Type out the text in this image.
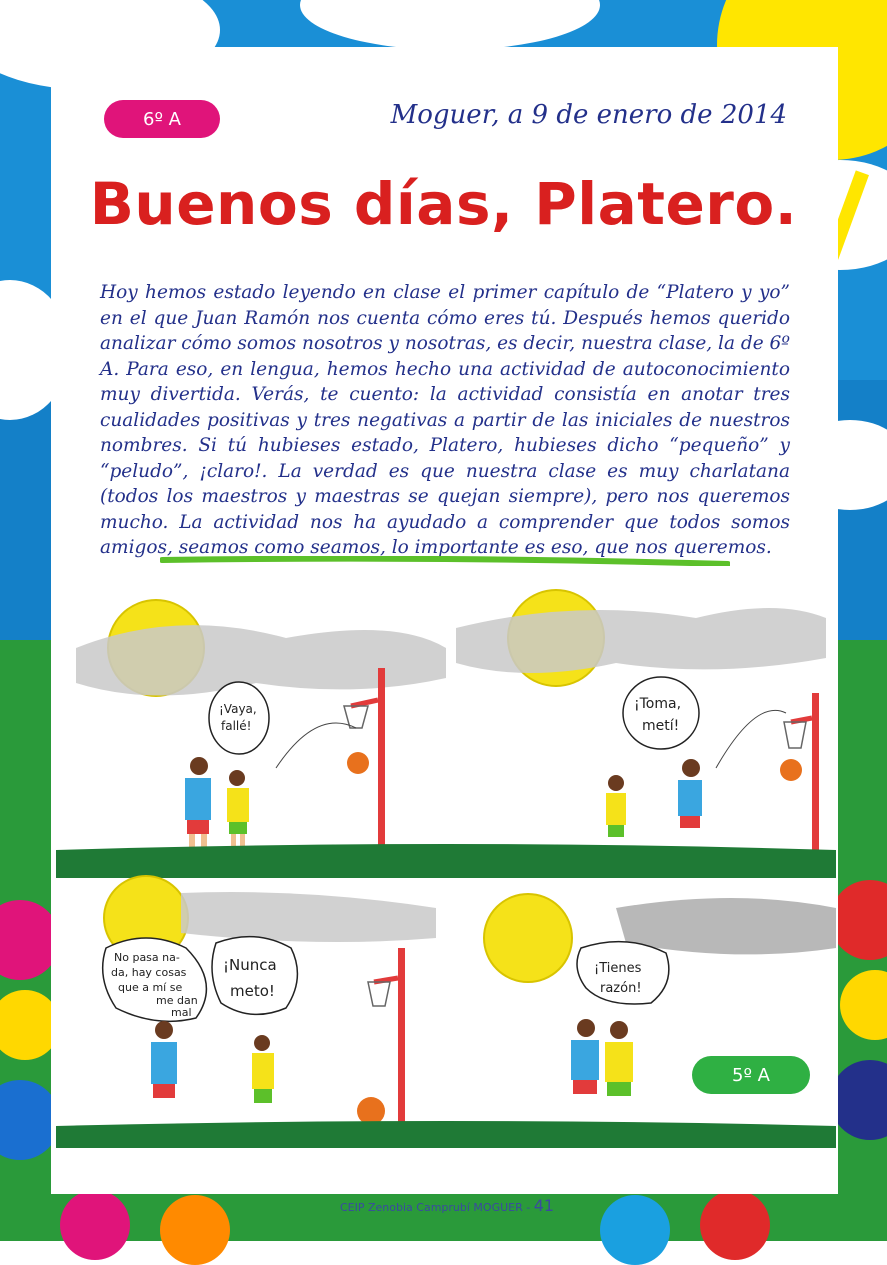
6º A	Moguer, a 9 de enero de 2014
Buenos días, Platero.
Hoy hemos estado leyendo en clase el primer capítulo de “Platero y yo” en el que Juan Ramón nos cuenta cómo eres tú. Después hemos querido analizar cómo somos nosotros y nosotras, es decir, nuestra clase, la de 6º A. Para eso, en lengua, hemos hecho una actividad de autoconocimiento muy divertida. Verás, te cuento: la actividad consistía en anotar tres cualidades positivas y tres negativas a partir de las iniciales de nuestros nombres. Si tú hubieses estado, Platero, hubieses dicho “pequeño” y “peludo”, ¡claro!. La verdad es que nuestra clase es muy charlatana (todos los maestros y maestras se quejan siempre), pero nos queremos mucho. La actividad nos ha ayudado a comprender que todos somos amigos, seamos como seamos, lo importante es eso, que nos queremos.
¡Vaya,
fallé!
¡Toma,
metí!
No pasa na-
da, hay cosas
que a mí se
me dan
mal
¡Nunca
meto!
¡Tienes
razón!
5º A
CEIP Zenobia Camprubí MOGUER - 41
